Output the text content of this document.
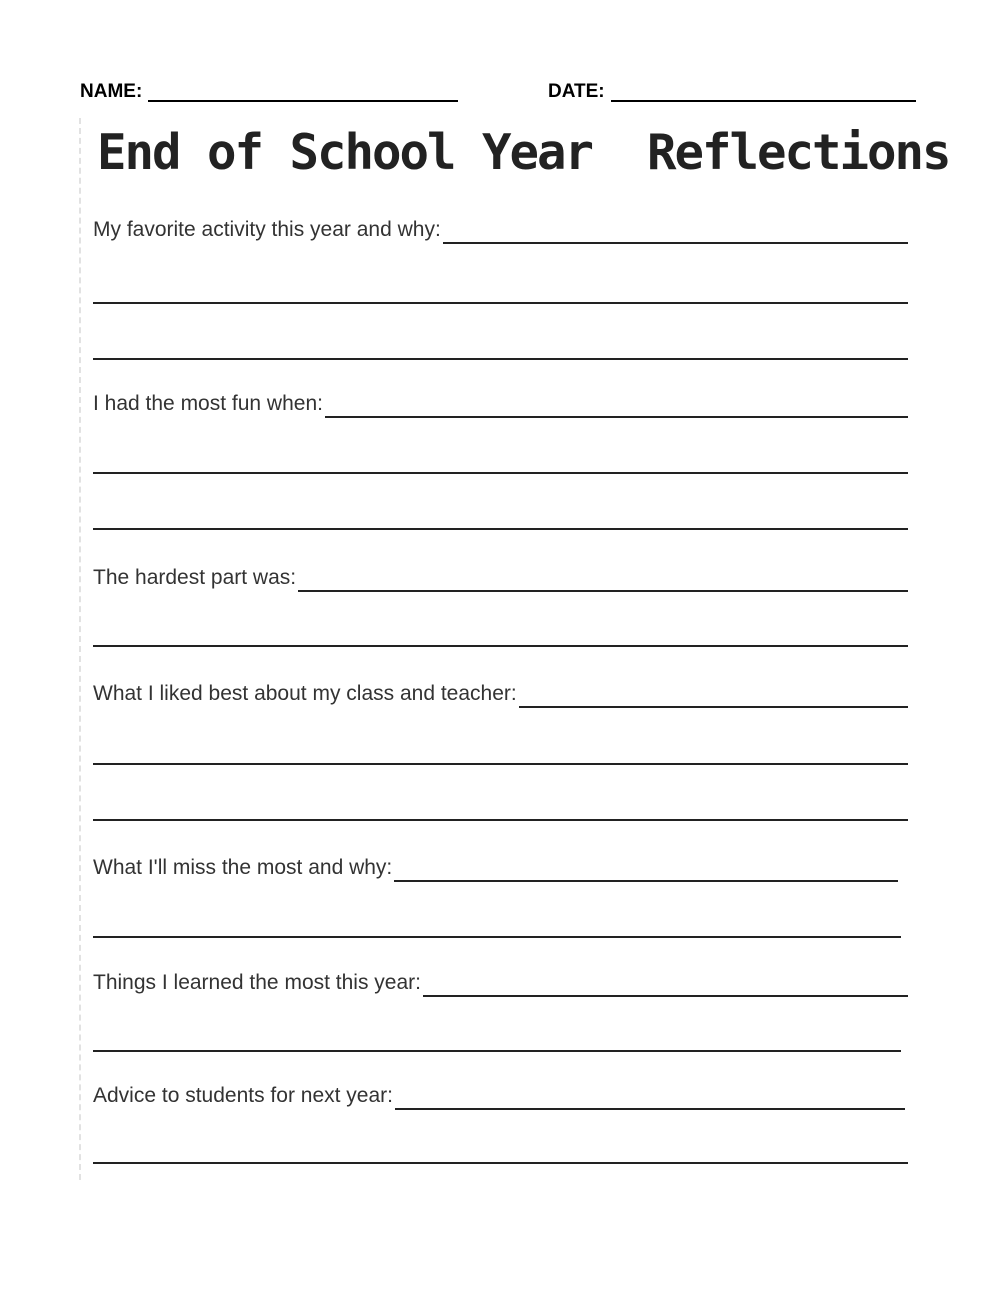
NAME:	DATE:
End of School Year  Reflections
My favorite activity this year and why:
I had the most fun when:
The hardest part was:
What I liked best about my class and teacher:
What I'll miss the most and why:
Things I learned the most this year:
Advice to students for next year:
